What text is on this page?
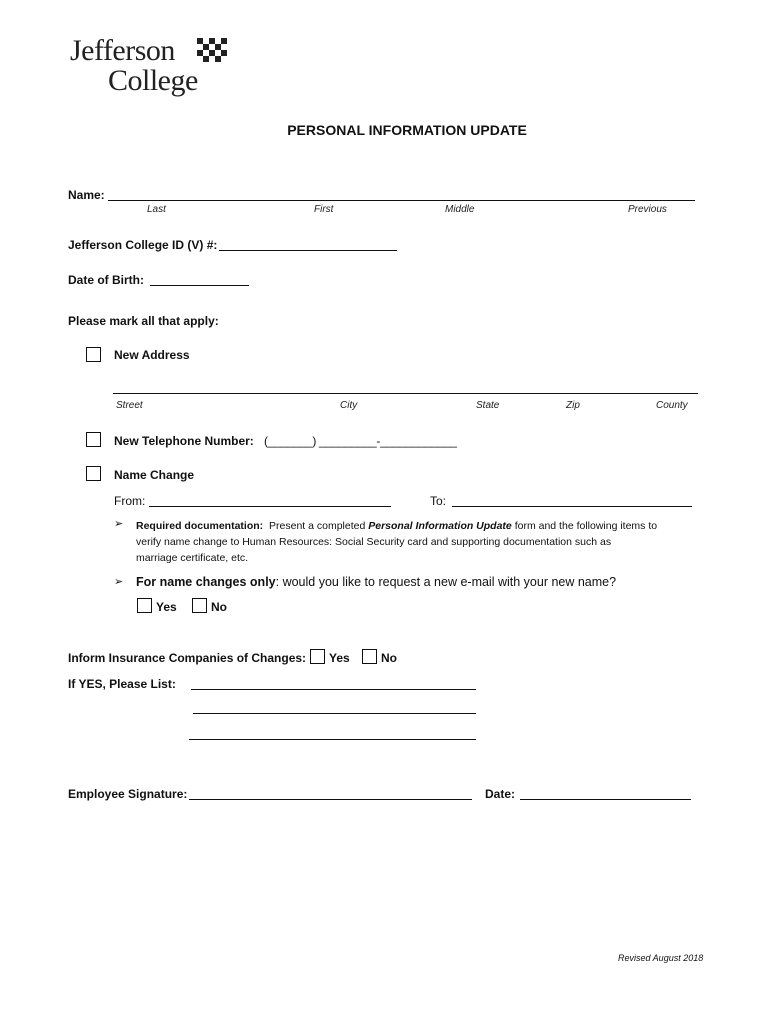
Jefferson
College
PERSONAL INFORMATION UPDATE
Name:
Last	First	Middle	Previous
Jefferson College ID (V) #:
Date of Birth:
Please mark all that apply:
New Address
Street	City	State	Zip	County
New Telephone Number: (_______) _________-____________
Name Change
From:	To:
➢ Required documentation: Present a completed Personal Information Update form and the following items to
verify name change to Human Resources: Social Security card and supporting documentation such as
marriage certificate, etc.
➢ For name changes only: would you like to request a new e-mail with your new name?
Yes	No
Inform Insurance Companies of Changes: Yes	No
If YES, Please List:
Employee Signature:	Date:
Revised August 2018
